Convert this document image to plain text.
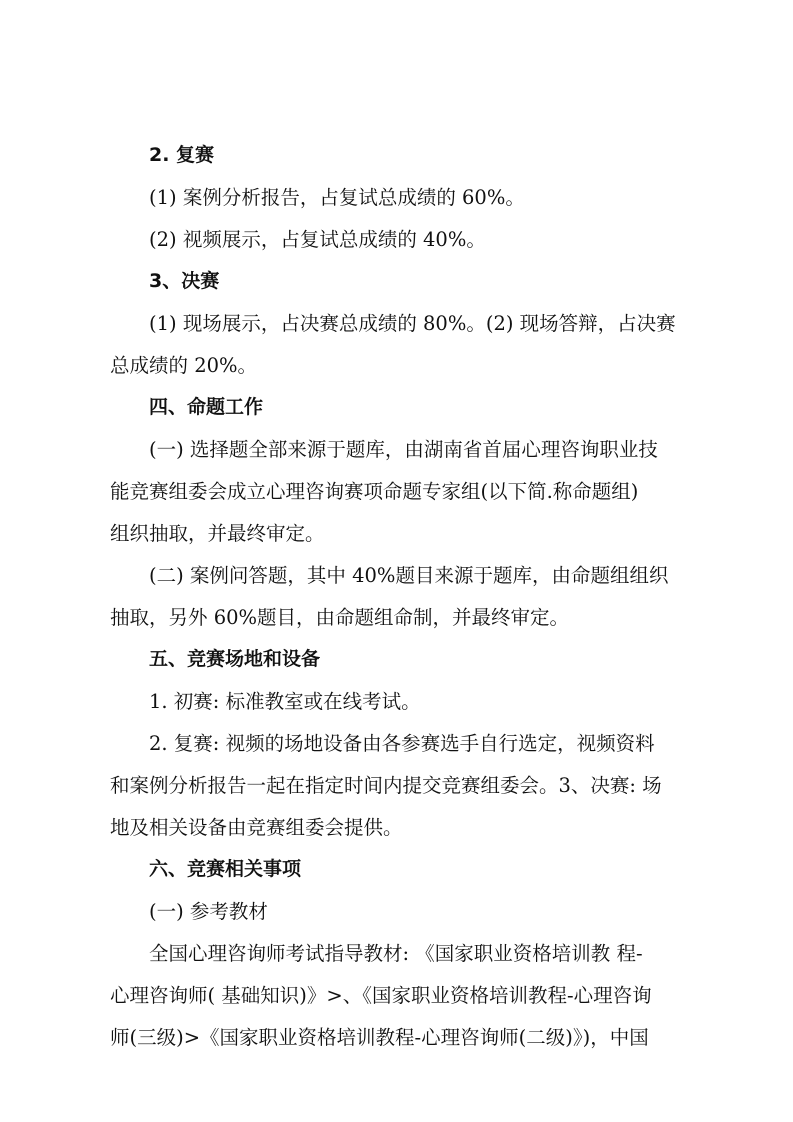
2. 复赛
(1) 案例分析报告，占复试总成绩的 60%。
(2) 视频展示，占复试总成绩的 40%。
3、决赛
(1) 现场展示，占决赛总成绩的 80%。(2) 现场答辩，占决赛
总成绩的 20%。
四、命题工作
(一) 选择题全部来源于题库，由湖南省首届心理咨询职业技
能竞赛组委会成立心理咨询赛项命题专家组(以下简.称命题组)
组织抽取，并最终审定。
(二) 案例问答题，其中 40%题目来源于题库，由命题组组织
抽取，另外 60%题目，由命题组命制，并最终审定。
五、竞赛场地和设备
1. 初赛: 标准教室或在线考试。
2. 复赛: 视频的场地设备由各参赛选手自行选定，视频资料
和案例分析报告一起在指定时间内提交竞赛组委会。3、决赛: 场
地及相关设备由竞赛组委会提供。
六、竞赛相关事项
(一) 参考教材
全国心理咨询师考试指导教材: 《国家职业资格培训教 程-
心理咨询师( 基础知识)》>、《国家职业资格培训教程-心理咨询
师(三级)>《国家职业资格培训教程-心理咨询师(二级)》)，中国
